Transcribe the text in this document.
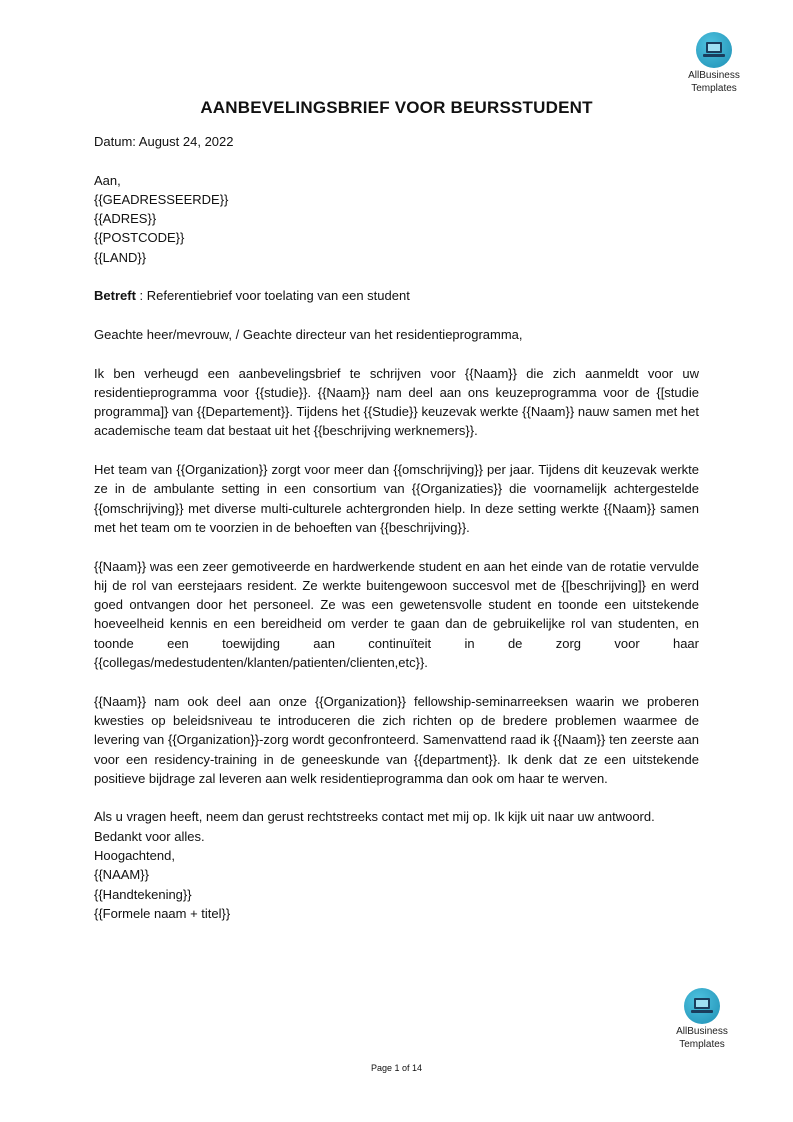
AllBusiness
Templates
AANBEVELINGSBRIEF VOOR BEURSSTUDENT

Datum: August 24, 2022

Aan,

{{GEADRESSEERDE}}

{{ADRES}}

{{POSTCODE}}

{{LAND}}

Betreft : Referentiebrief voor toelating van een student

Geachte heer/mevrouw, / Geachte directeur van het residentieprogramma,

Ik ben verheugd een aanbevelingsbrief te schrijven voor {{Naam}} die zich aanmeldt voor uw residentieprogramma voor {{studie}}. {{Naam}} nam deel aan ons keuzeprogramma voor de {[studie programma]} van {{Departement}}. Tijdens het {{Studie}} keuzevak werkte {{Naam}} nauw samen met het academische team dat bestaat uit het {{beschrijving werknemers}}.

Het team van {{Organization}} zorgt voor meer dan {{omschrijving}} per jaar. Tijdens dit keuzevak werkte ze in de ambulante setting in een consortium van {{Organizaties}} die voornamelijk achtergestelde {{omschrijving}} met diverse multi-culturele achtergronden hielp. In deze setting werkte {{Naam}} samen met het team om te voorzien in de behoeften van {{beschrijving}}.

{{Naam}} was een zeer gemotiveerde en hardwerkende student en aan het einde van de rotatie vervulde hij de rol van eerstejaars resident. Ze werkte buitengewoon succesvol met de {[beschrijving]} en werd goed ontvangen door het personeel. Ze was een gewetensvolle student en toonde een uitstekende hoeveelheid kennis en een bereidheid om verder te gaan dan de gebruikelijke rol van studenten, en toonde een toewijding aan continuïteit in de zorg voor haar {{collegas/medestudenten/klanten/patienten/clienten,etc}}.

{{Naam}} nam ook deel aan onze {{Organization}} fellowship-seminarreeksen waarin we proberen kwesties op beleidsniveau te introduceren die zich richten op de bredere problemen waarmee de levering van {{Organization}}-zorg wordt geconfronteerd. Samenvattend raad ik {{Naam}} ten zeerste aan voor een residency-training in de geneeskunde van {{department}}. Ik denk dat ze een uitstekende positieve bijdrage zal leveren aan welk residentieprogramma dan ook om haar te werven.

Als u vragen heeft, neem dan gerust rechtstreeks contact met mij op. Ik kijk uit naar uw antwoord.

Bedankt voor alles.

Hoogachtend,

{{NAAM}}

{{Handtekening}}

{{Formele naam + titel}}

AllBusiness
Templates
Page 1 of 14
